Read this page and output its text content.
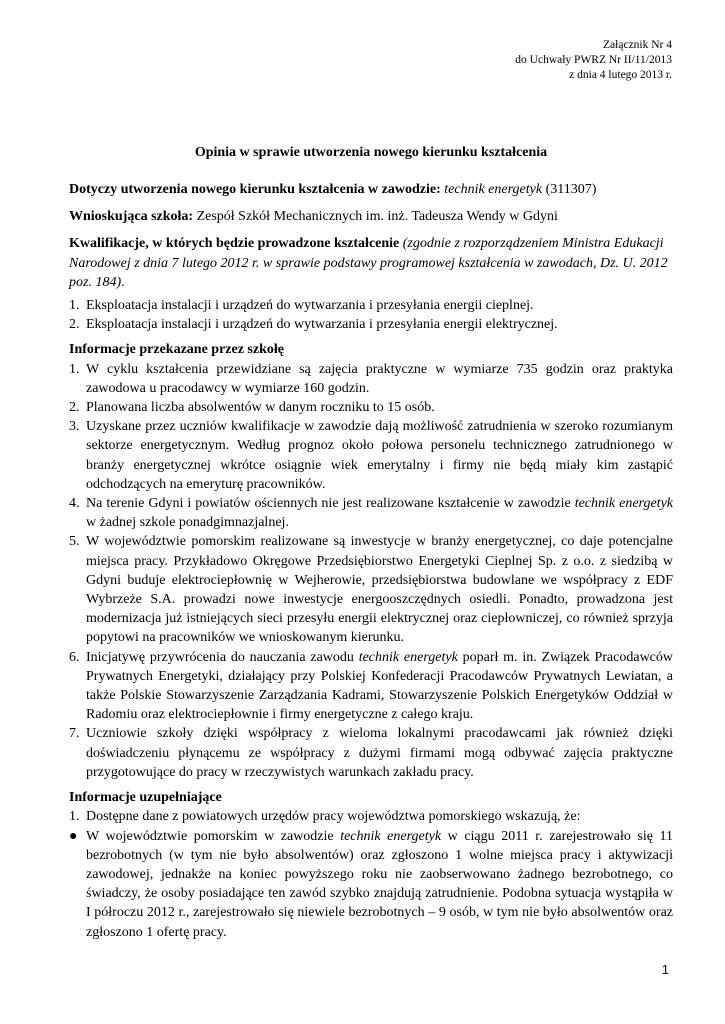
Załącznik Nr 4
do Uchwały PWRZ Nr II/11/2013
z dnia 4 lutego 2013 r.
Opinia w sprawie utworzenia nowego kierunku kształcenia

Dotyczy utworzenia nowego kierunku kształcenia w zawodzie: technik energetyk (311307)

Wnioskująca szkoła: Zespół Szkół Mechanicznych im. inż. Tadeusza Wendy w Gdyni

Kwalifikacje, w których będzie prowadzone kształcenie (zgodnie z rozporządzeniem Ministra Edukacji Narodowej z dnia 7 lutego 2012 r. w sprawie podstawy programowej kształcenia w zawodach, Dz. U. 2012 poz. 184).

1. Eksploatacja instalacji i urządzeń do wytwarzania i przesyłania energii cieplnej.
2. Eksploatacja instalacji i urządzeń do wytwarzania i przesyłania energii elektrycznej.

Informacje przekazane przez szkołę

1. W cyklu kształcenia przewidziane są zajęcia praktyczne w wymiarze 735 godzin oraz praktyka zawodowa u pracodawcy w wymiarze 160 godzin.
2. Planowana liczba absolwentów w danym roczniku to 15 osób.
3. Uzyskane przez uczniów kwalifikacje w zawodzie dają możliwość zatrudnienia w szeroko rozumianym sektorze energetycznym. Według prognoz około połowa personelu technicznego zatrudnionego w branży energetycznej wkrótce osiągnie wiek emerytalny i firmy nie będą miały kim zastąpić odchodzących na emeryturę pracowników.
4. Na terenie Gdyni i powiatów ościennych nie jest realizowane kształcenie w zawodzie technik energetyk w żadnej szkole ponadgimnazjalnej.
5. W województwie pomorskim realizowane są inwestycje w branży energetycznej, co daje potencjalne miejsca pracy. Przykładowo Okręgowe Przedsiębiorstwo Energetyki Cieplnej Sp. z o.o. z siedzibą w Gdyni buduje elektrociepłownię w Wejherowie, przedsiębiorstwa budowlane we współpracy z EDF Wybrzeże S.A. prowadzi nowe inwestycje energooszczędnych osiedli. Ponadto, prowadzona jest modernizacja już istniejących sieci przesyłu energii elektrycznej oraz ciepłowniczej, co również sprzyja popytowi na pracowników we wnioskowanym kierunku.
6. Inicjatywę przywrócenia do nauczania zawodu technik energetyk poparł m. in. Związek Pracodawców Prywatnych Energetyki, działający przy Polskiej Konfederacji Pracodawców Prywatnych Lewiatan, a także Polskie Stowarzyszenie Zarządzania Kadrami, Stowarzyszenie Polskich Energetyków Oddział w Radomiu oraz elektrociepłownie i firmy energetyczne z całego kraju.
7. Uczniowie szkoły dzięki współpracy z wieloma lokalnymi pracodawcami jak również dzięki doświadczeniu płynącemu ze współpracy z dużymi firmami mogą odbywać zajęcia praktyczne przygotowujące do pracy w rzeczywistych warunkach zakładu pracy.

Informacje uzupełniające

1. Dostępne dane z powiatowych urzędów pracy województwa pomorskiego wskazują, że:
● W województwie pomorskim w zawodzie technik energetyk w ciągu 2011 r. zarejestrowało się 11 bezrobotnych (w tym nie było absolwentów) oraz zgłoszono 1 wolne miejsca pracy i aktywizacji zawodowej, jednakże na koniec powyższego roku nie zaobserwowano żadnego bezrobotnego, co świadczy, że osoby posiadające ten zawód szybko znajdują zatrudnienie. Podobna sytuacja wystąpiła w I półroczu 2012 r., zarejestrowało się niewiele bezrobotnych – 9 osób, w tym nie było absolwentów oraz zgłoszono 1 ofertę pracy.
1
